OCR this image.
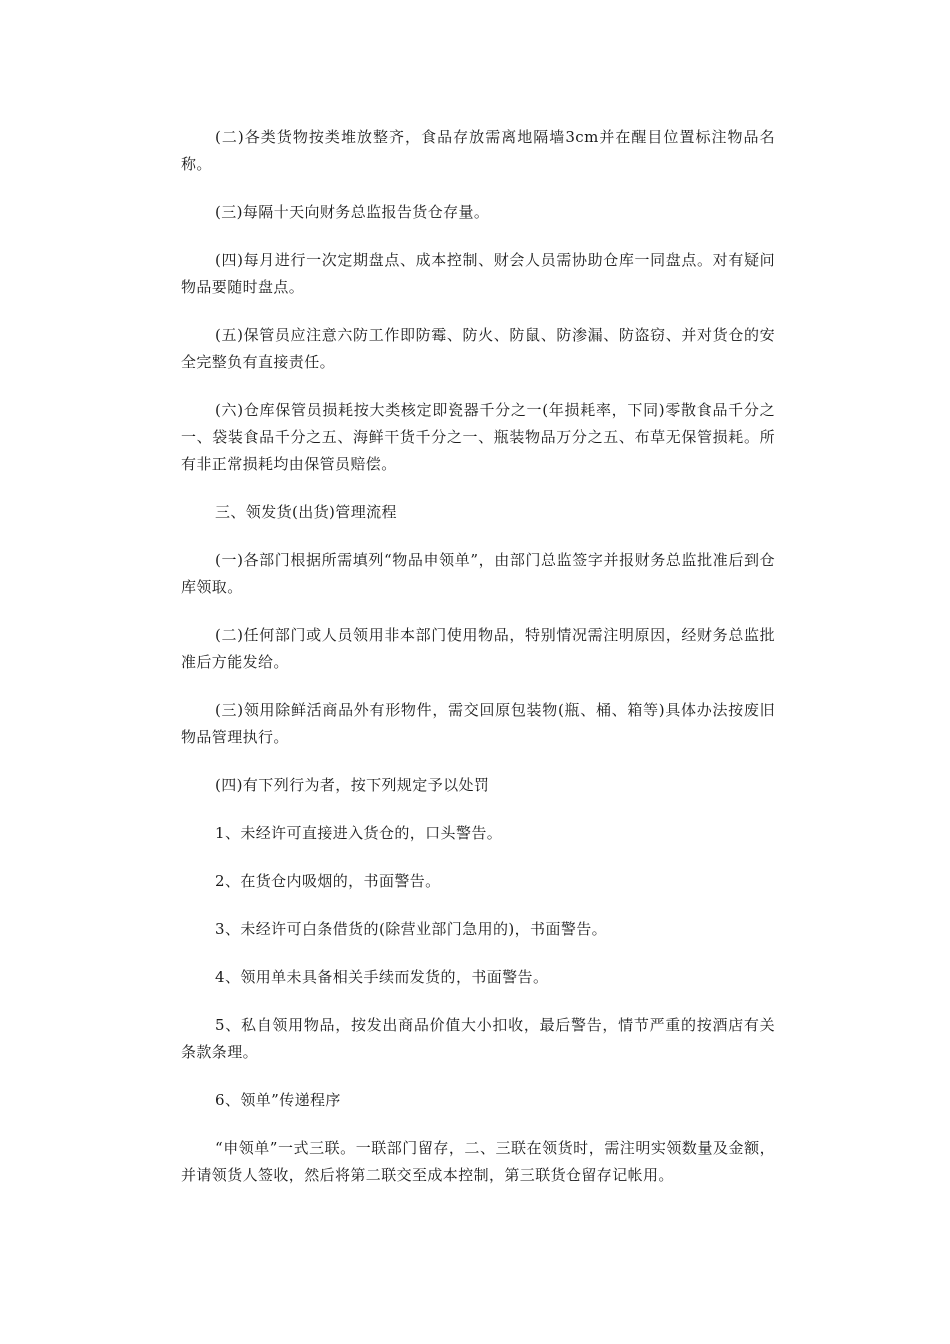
(二)各类货物按类堆放整齐，食品存放需离地隔墙3cm并在醒目位置标注物品名称。

(三)每隔十天向财务总监报告货仓存量。

(四)每月进行一次定期盘点、成本控制、财会人员需协助仓库一同盘点。对有疑问物品要随时盘点。

(五)保管员应注意六防工作即防霉、防火、防鼠、防渗漏、防盗窃、并对货仓的安全完整负有直接责任。

(六)仓库保管员损耗按大类核定即瓷器千分之一(年损耗率，下同)零散食品千分之一、袋装食品千分之五、海鲜干货千分之一、瓶装物品万分之五、布草无保管损耗。所有非正常损耗均由保管员赔偿。

三、领发货(出货)管理流程

(一)各部门根据所需填列“物品申领单”，由部门总监签字并报财务总监批准后到仓库领取。

(二)任何部门或人员领用非本部门使用物品，特别情况需注明原因，经财务总监批准后方能发给。

(三)领用除鲜活商品外有形物件，需交回原包装物(瓶、桶、箱等)具体办法按废旧物品管理执行。

(四)有下列行为者，按下列规定予以处罚

1、未经许可直接进入货仓的，口头警告。

2、在货仓内吸烟的，书面警告。

3、未经许可白条借货的(除营业部门急用的)，书面警告。

4、领用单未具备相关手续而发货的，书面警告。

5、私自领用物品，按发出商品价值大小扣收，最后警告，情节严重的按酒店有关条款条理。

6、领单”传递程序

“申领单”一式三联。一联部门留存，二、三联在领货时，需注明实领数量及金额，并请领货人签收，然后将第二联交至成本控制，第三联货仓留存记帐用。
